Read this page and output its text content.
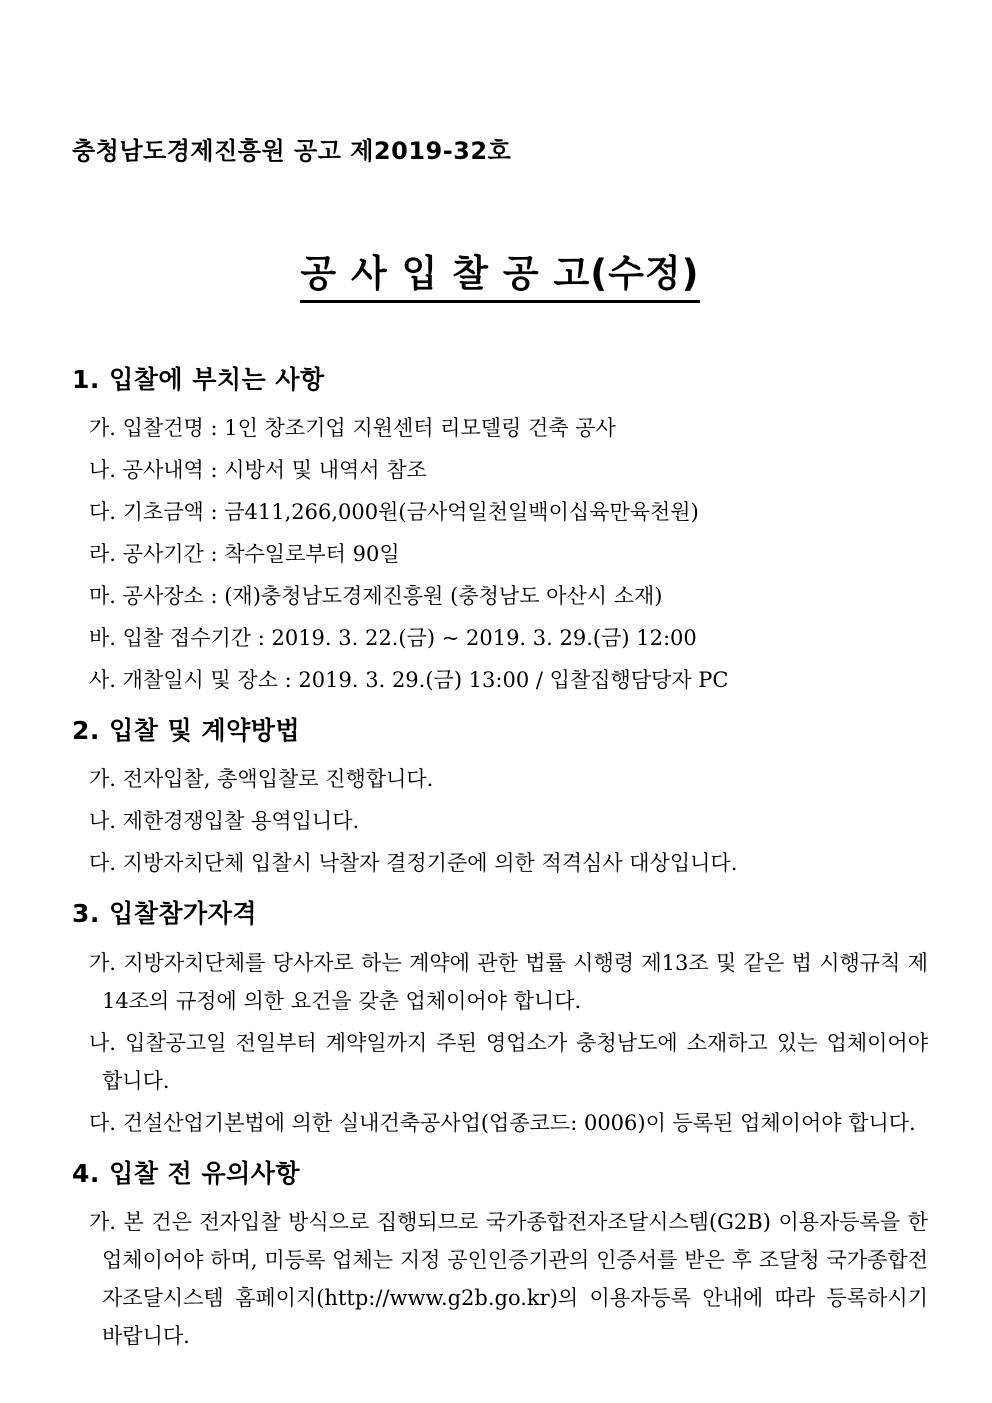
충청남도경제진흥원 공고 제2019-32호
공 사 입 찰 공 고(수정)
1. 입찰에 부치는 사항

가. 입찰건명 : 1인 창조기업 지원센터 리모델링 건축 공사

나. 공사내역 : 시방서 및 내역서 참조

다. 기초금액 : 금411,266,000원(금사억일천일백이십육만육천원)

라. 공사기간 : 착수일로부터 90일

마. 공사장소 : (재)충청남도경제진흥원 (충청남도 아산시 소재)

바. 입찰 접수기간 : 2019. 3. 22.(금) ~ 2019. 3. 29.(금) 12:00

사. 개찰일시 및 장소 : 2019. 3. 29.(금) 13:00 / 입찰집행담당자 PC

2. 입찰 및 계약방법

가. 전자입찰, 총액입찰로 진행합니다.

나. 제한경쟁입찰 용역입니다.

다. 지방자치단체 입찰시 낙찰자 결정기준에 의한 적격심사 대상입니다.

3. 입찰참가자격

가. 지방자치단체를 당사자로 하는 계약에 관한 법률 시행령 제13조 및 같은 법 시행규칙 제14조의 규정에 의한 요건을 갖춘 업체이어야 합니다.

나. 입찰공고일 전일부터 계약일까지 주된 영업소가 충청남도에 소재하고 있는 업체이어야 합니다.

다. 건설산업기본법에 의한 실내건축공사업(업종코드: 0006)이 등록된 업체이어야 합니다.

4. 입찰 전 유의사항

가. 본 건은 전자입찰 방식으로 집행되므로 국가종합전자조달시스템(G2B) 이용자등록을 한 업체이어야 하며, 미등록 업체는 지정 공인인증기관의 인증서를 받은 후 조달청 국가종합전자조달시스템 홈페이지(http://www.g2b.go.kr)의 이용자등록 안내에 따라 등록하시기 바랍니다.
